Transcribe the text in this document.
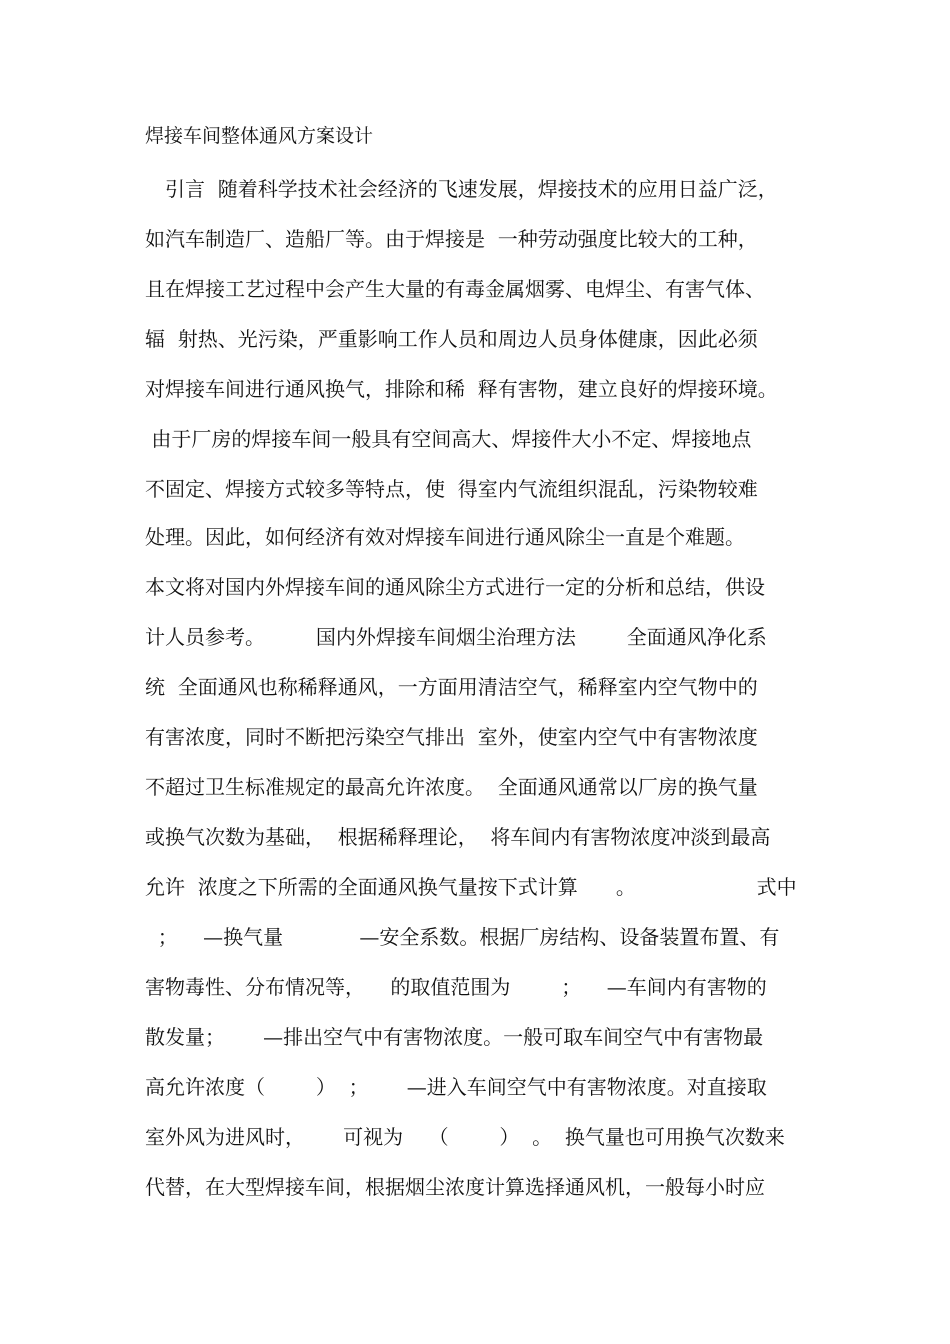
焊接车间整体通风方案设计
　引言  随着科学技术社会经济的飞速发展，焊接技术的应用日益广泛，
如汽车制造厂、造船厂等。由于焊接是  一种劳动强度比较大的工种，
且在焊接工艺过程中会产生大量的有毒金属烟雾、电焊尘、有害气体、
辐  射热、光污染，严重影响工作人员和周边人员身体健康，因此必须
对焊接车间进行通风换气，排除和稀  释有害物，建立良好的焊接环境。
由于厂房的焊接车间一般具有空间高大、焊接件大小不定、焊接地点
不固定、焊接方式较多等特点，使  得室内气流组织混乱，污染物较难
处理。因此，如何经济有效对焊接车间进行通风除尘一直是个难题。
本文将对国内外焊接车间的通风除尘方式进行一定的分析和总结，供设
计人员参考。        国内外焊接车间烟尘治理方法        全面通风净化系
统  全面通风也称稀释通风，一方面用清洁空气，稀释室内空气物中的
有害浓度，同时不断把污染空气排出  室外，使室内空气中有害物浓度
不超过卫生标准规定的最高允许浓度。  全面通风通常以厂房的换气量
或换气次数为基础，  根据稀释理论，  将车间内有害物浓度冲淡到最高
允许  浓度之下所需的全面通风换气量按下式计算      。                   式中
；    —换气量            —安全系数。根据厂房结构、设备装置布置、有
害物毒性、分布情况等，    的取值范围为        ；    —车间内有害物的
散发量；      —排出空气中有害物浓度。一般可取车间空气中有害物最
高允许浓度（        ）  ；      —进入车间空气中有害物浓度。对直接取
室外风为进风时，      可视为    （        ）  。  换气量也可用换气次数来
代替，在大型焊接车间，根据烟尘浓度计算选择通风机，一般每小时应
